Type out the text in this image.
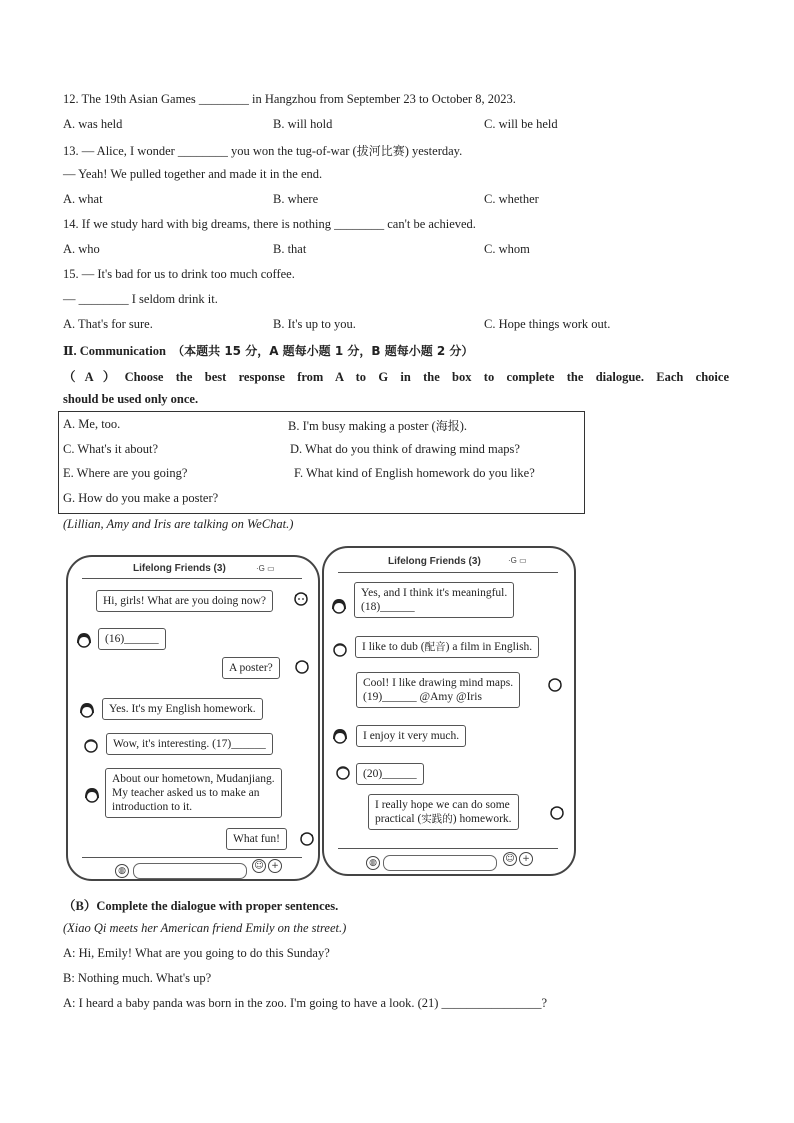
12. The 19th Asian Games ________ in Hangzhou from September 23 to October 8, 2023.
A. was held	B. will hold	C. will be held
13. — Alice, I wonder ________ you won the tug-of-war (拔河比赛) yesterday.
— Yeah! We pulled together and made it in the end.
A. what	B. where	C. whether
14. If we study hard with big dreams, there is nothing ________ can't be achieved.
A. who	B. that	C. whom
15. — It's bad for us to drink too much coffee.
— ________ I seldom drink it.
A. That's for sure.	B. It's up to you.	C. Hope things work out.
Ⅱ. Communication （本题共 15 分，A 题每小题 1 分，B 题每小题 2 分）
（A）Choose the best response from A to G in the box to complete the dialogue. Each choice
should be used only once.
A. Me, too.	B. I'm busy making a poster (海报).
C. What's it about?	D. What do you think of drawing mind maps?
E. Where are you going?	F. What kind of English homework do you like?
G. How do you make a poster?
(Lillian, Amy and Iris are talking on WeChat.)
Lifelong Friends (3)	·G ▭
Hi, girls! What are you doing now?
(16)______
A poster?
Yes. It's my English homework.
Wow, it's interesting. (17)______
About our hometown, Mudanjiang.
My teacher asked us to make an
introduction to it.
What fun!
◍	☺ +
Lifelong Friends (3)	·G ▭
Yes, and I think it's meaningful.
(18)______
I like to dub (配音) a film in English.
Cool! I like drawing mind maps.
(19)______ @Amy @Iris
I enjoy it very much.
(20)______
I really hope we can do some
practical (实践的) homework.
◍	☺ +
（B）Complete the dialogue with proper sentences.
(Xiao Qi meets her American friend Emily on the street.)
A: Hi, Emily! What are you going to do this Sunday?
B: Nothing much. What's up?
A: I heard a baby panda was born in the zoo. I'm going to have a look. (21) ________________?
